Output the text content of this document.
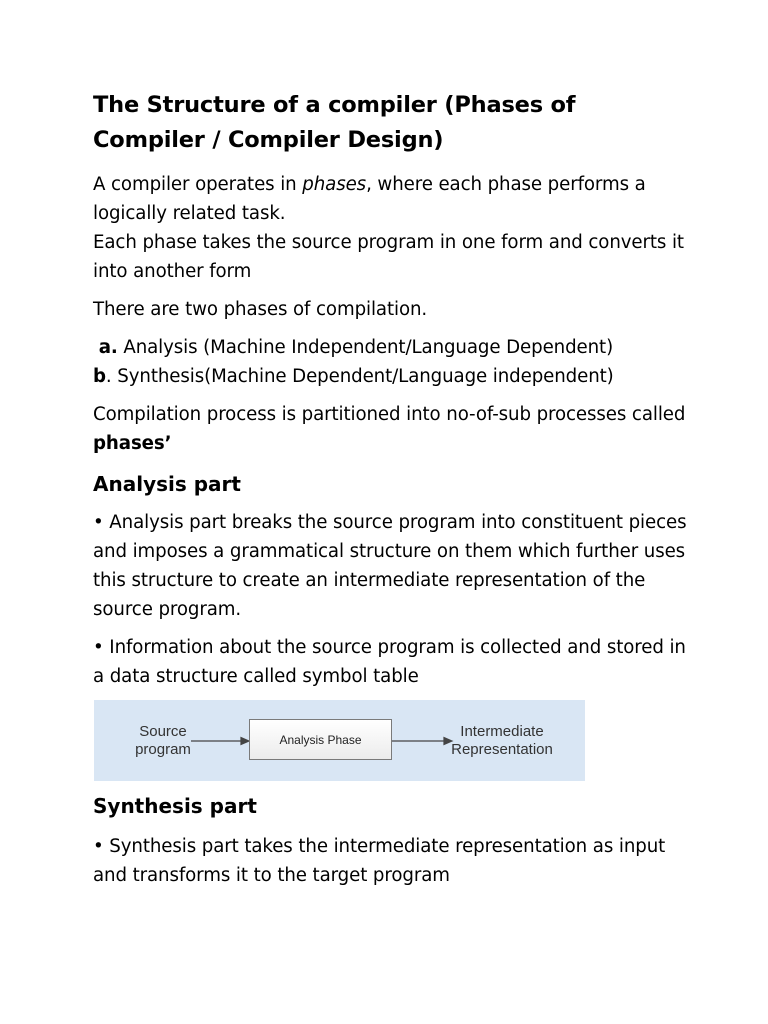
The Structure of a compiler (Phases of Compiler / Compiler Design)

A compiler operates in phases, where each phase performs a logically related task.
Each phase takes the source program in one form and converts it into another form

There are two phases of compilation.

a. Analysis (Machine Independent/Language Dependent)
b. Synthesis(Machine Dependent/Language independent)

Compilation process is partitioned into no-of-sub processes called phases’

Analysis part

• Analysis part breaks the source program into constituent pieces and imposes a grammatical structure on them which further uses this structure to create an intermediate representation of the source program.

• Information about the source program is collected and stored in a data structure called symbol table

Source
program
Analysis Phase	Intermediate
Representation
Synthesis part

• Synthesis part takes the intermediate representation as input and transforms it to the target program
